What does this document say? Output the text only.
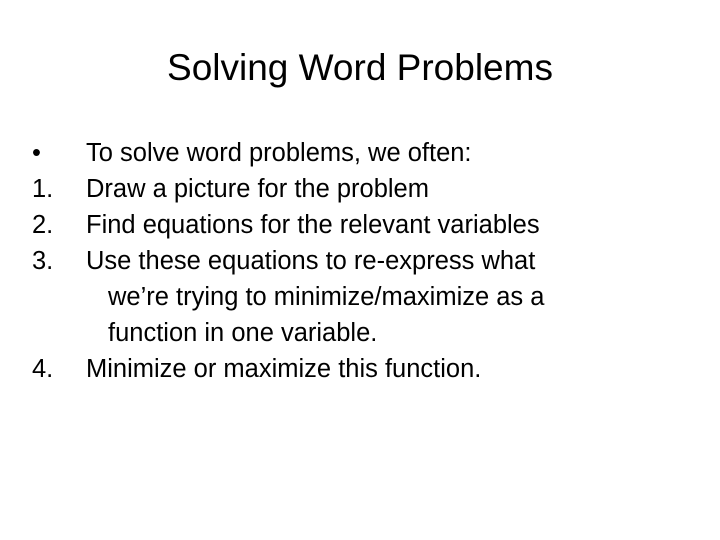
Solving Word Problems
•	To solve word problems, we often:
1.	Draw a picture for the problem
2.	Find equations for the relevant variables
3.	Use these equations to re-express what
we’re trying to minimize/maximize as a
function in one variable.
4.	Minimize or maximize this function.
